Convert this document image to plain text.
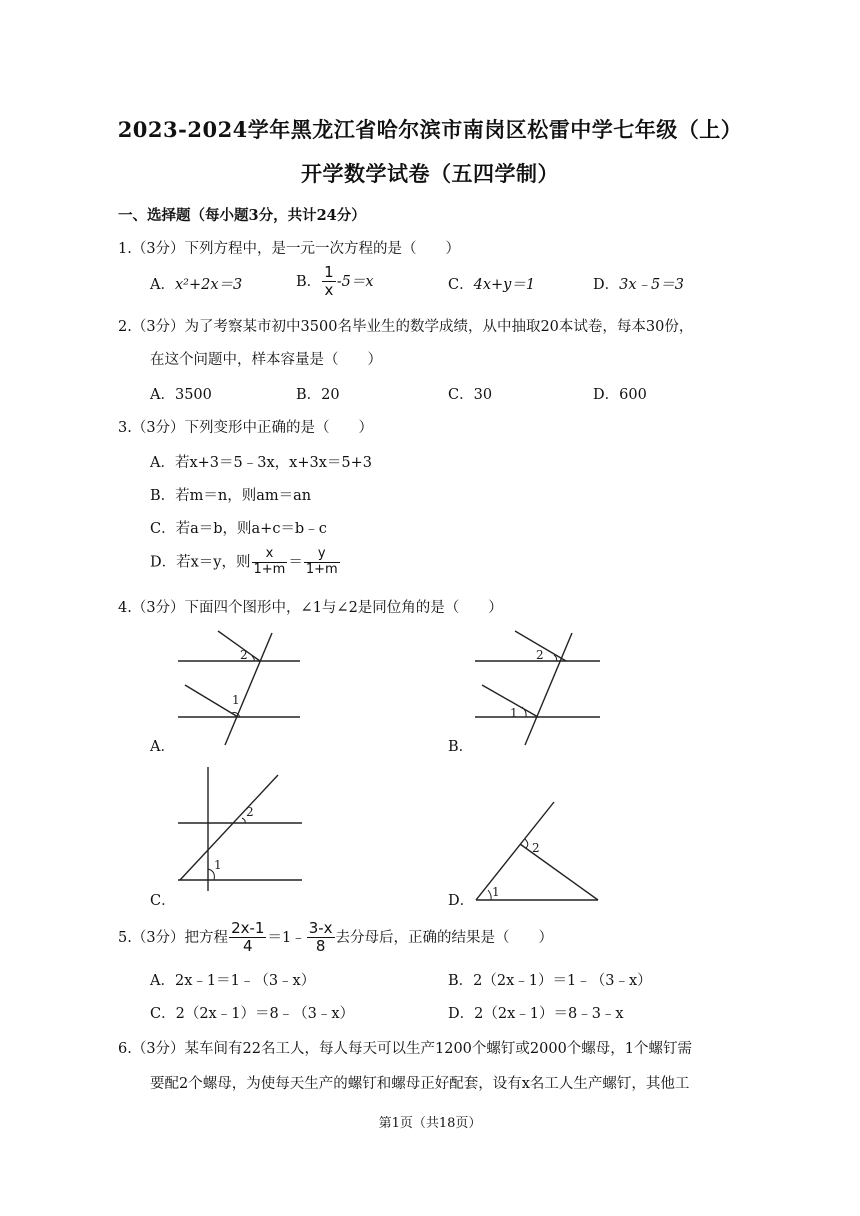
2023-2024学年黑龙江省哈尔滨市南岗区松雷中学七年级（上）
开学数学试卷（五四学制）
一、选择题（每小题3分，共计24分）
1.（3分）下列方程中，是一元一次方程的是（　　）
A．x²+2x＝3	B． $\frac{1}{x} -5=x$	C．4x+y＝1	D．3x﹣5＝3
2.（3分）为了考察某市初中3500名毕业生的数学成绩，从中抽取20本试卷，每本30份，
在这个问题中，样本容量是（　　）
A．3500	B．20	C．30	D．600
3.（3分）下列变形中正确的是（　　）
A．若x+3＝5﹣3x，x+3x＝5+3
B．若m＝n，则am＝an
C．若a＝b，则a+c＝b﹣c
D．若x＝y，则 $\frac{x}{1+m} = \frac{y}{1+m}$
4.（3分）下面四个图形中，∠1与∠2是同位角的是（　　）
2
1
A．
2
1
B．
2
1
C．
1
2
D．
5.（3分）把方程 $\frac{2x-1}{4}$ ＝1﹣ $\frac{3-x}{8}$ 去分母后，正确的结果是（　　）
A．2x﹣1＝1﹣（3﹣x）	B．2（2x﹣1）＝1﹣（3﹣x）
C．2（2x﹣1）＝8﹣（3﹣x）	D．2（2x﹣1）＝8﹣3﹣x
6.（3分）某车间有22名工人，每人每天可以生产1200个螺钉或2000个螺母，1个螺钉需
要配2个螺母，为使每天生产的螺钉和螺母正好配套，设有x名工人生产螺钉，其他工
第1页（共18页）
